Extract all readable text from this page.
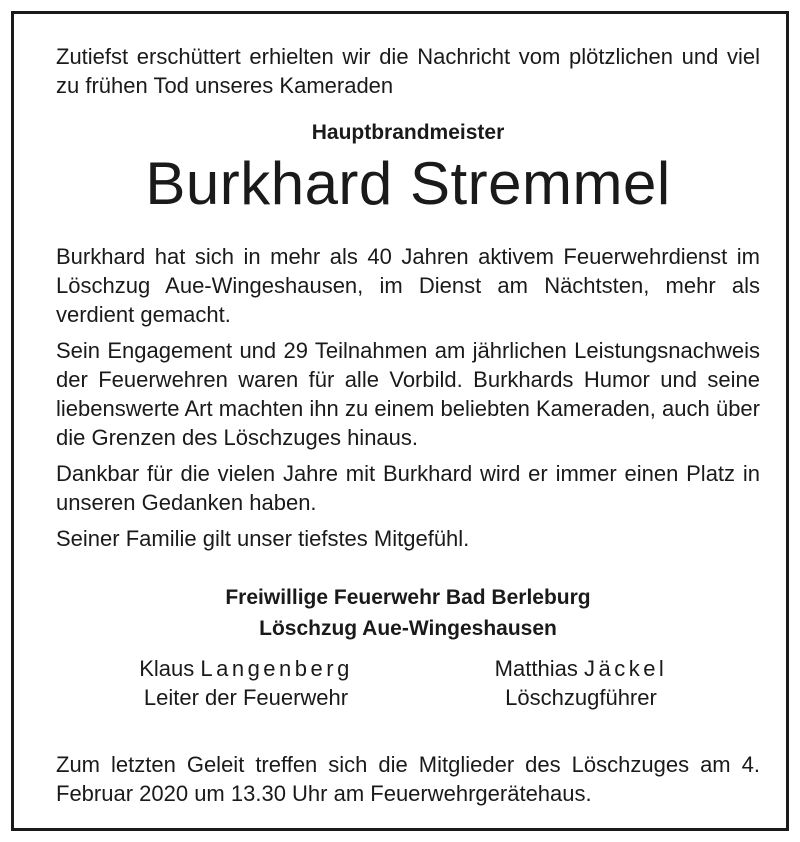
Zutiefst erschüttert erhielten wir die Nachricht vom plötzlichen und viel zu frühen Tod unseres Kameraden

Hauptbrandmeister

Burkhard Stremmel

Burkhard hat sich in mehr als 40 Jahren aktivem Feuerwehrdienst im Löschzug Aue-Wingeshausen, im Dienst am Nächtsten, mehr als verdient gemacht.

Sein Engagement und 29 Teilnahmen am jährlichen Leistungsnachweis der Feuerwehren waren für alle Vorbild. Burkhards Humor und seine liebenswerte Art machten ihn zu einem beliebten Kameraden, auch über die Grenzen des Löschzuges hinaus.

Dankbar für die vielen Jahre mit Burkhard wird er immer einen Platz in unseren Gedanken haben.

Seiner Familie gilt unser tiefstes Mitgefühl.

Freiwillige Feuerwehr Bad Berleburg

Löschzug Aue-Wingeshausen

Klaus Langenberg
Leiter der Feuerwehr
Matthias Jäckel
Löschzugführer

Zum letzten Geleit treffen sich die Mitglieder des Löschzuges am 4. Februar 2020 um 13.30 Uhr am Feuerwehrgerätehaus.
